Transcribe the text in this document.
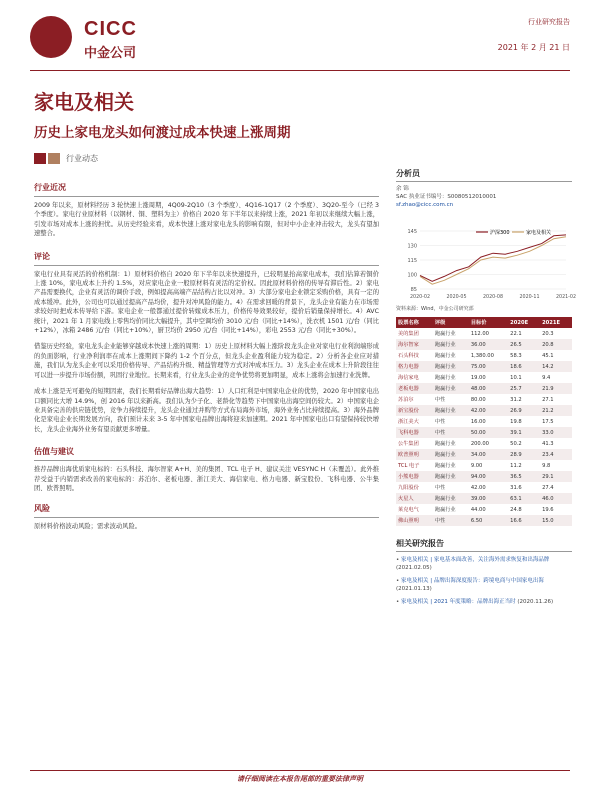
CICC
中金公司
行业研究报告
2021 年 2 月 21 日
家电及相关
历史上家电龙头如何渡过成本快速上涨周期
行业动态
行业近况
2009 年以来，原材料经历 3 轮快速上涨周期，4Q09-2Q10（3 个季度）、4Q16-1Q17（2 个季度）、3Q20-至今（已经 3 个季度）。家电行业原材料（以钢材、铜、塑料为主）价格自 2020 年下半年以来持续上涨，2021 年初以来继续大幅上涨，引发市场对成本上涨的担忧。从历史经验来看，成本快速上涨对家电龙头的影响有限，但对中小企业冲击较大，龙头有望加速整合。
评论
家电行业具有灵活的价格机制：1）原材料价格自 2020 年下半年以来快速提升，已较明显抬高家电成本，我们估算若铜价上涨 10%，家电成本上升约 1.5%，对应家电企业一般原材料有灵活的定价权。因此原材料价格的传导有滞后性。2）家电产品需要换代，企业有灵活的调价手段，例如提高高端产品结构占比以对冲。3）大部分家电企业锁定采购价格，具有一定的成本缓冲。此外，公司也可以通过提高产品均价，提升对冲风险的能力。4）在需求回暖的背景下，龙头企业有能力在市场需求较好时把成本传导给下游。家电企业一般都通过提价转嫁成本压力，价格传导效果较好，提价后销量保持增长。4）AVC 统计，2021 年 1 月家电线上零售均价同比大幅提升，其中空调均价 3010 元/台（同比+14%），洗衣机 1501 元/台（同比+12%），冰箱 2486 元/台（同比+10%），厨卫均价 2950 元/台（同比+14%），彩电 2553 元/台（同比+30%）。
借鉴历史经验，家电龙头企业能够穿越成本快速上涨的周期：1）历史上原材料大幅上涨阶段龙头企业对家电行业利润端形成的负面影响，行业净利润率在成本上涨期间下降约 1-2 个百分点，但龙头企业盈利能力较为稳定。2）分析各企业应对措施，我们认为龙头企业可以采用价格传导、产品结构升级、精益管理等方式对冲成本压力。3）龙头企业在成本上升阶段往往可以进一步提升市场份额，巩固行业地位。长期来看，行业龙头企业的竞争优势将更加明显，成本上涨将会加速行业洗牌。
成本上涨是无可避免的短期因素，我们长期看好品牌出海大趋势：1）人口红利是中国家电企业的优势，2020 年中国家电出口额同比大增 14.9%，创 2016 年以来新高。我们认为少子化、老龄化等趋势下中国家电出海空间仍较大。2）中国家电企业具备完善的供应链优势，竞争力持续提升，龙头企业通过并购等方式布局海外市场，海外业务占比持续提高。3）海外品牌化是家电企业长期发展方向，我们预计未来 3-5 年中国家电品牌出海将迎来加速期。2021 年中国家电出口有望保持较快增长，龙头企业海外业务有望贡献更多增量。
估值与建议
推荐品牌出海优质家电标的：石头科技、海尔智家 A+H、美的集团、TCL 电子 H、建议关注 VESYNC H（未覆盖）。此外推荐受益于内销需求改善的家电标的：苏泊尔、老板电器、浙江美大、海信家电、格力电器、新宝股份、飞科电器、公牛集团、欧普照明。
风险
原材料价格波动风险；需求波动风险。
分析员
余 锦
SAC 执业证书编号：S0080512010001
sf.zhao@cicc.com.cn
145
130
115
100
85
2020-02	2020-05	2020-08	2020-11	2021-02
沪深300	家电及相关
资料来源：Wind，中金公司研究部
股票名称	评级	目标价	2020E	2021E
美的集团	跑赢行业	112.00	22.1	20.3
海尔智家	跑赢行业	36.00	26.5	20.8
石头科技	跑赢行业	1,380.00	58.3	45.1
格力电器	跑赢行业	75.00	18.6	14.2
海信家电	跑赢行业	19.00	10.1	9.4
老板电器	跑赢行业	48.00	25.7	21.9
苏泊尔	中性	80.00	31.2	27.1
新宝股份	跑赢行业	42.00	26.9	21.2
浙江美大	中性	16.00	19.8	17.5
飞科电器	中性	50.00	39.1	33.0
公牛集团	跑赢行业	200.00	50.2	41.3
欧普照明	跑赢行业	34.00	28.9	23.4
TCL 电子	跑赢行业	9.00	11.2	9.8
小熊电器	跑赢行业	94.00	36.5	29.1
九阳股份	中性	42.00	31.6	27.4
火星人	跑赢行业	39.00	63.1	46.0
莱克电气	跑赢行业	44.00	24.8	19.6
佛山照明	中性	6.50	16.6	15.0
相关研究报告
• 家电及相关 | 家电基本面改善，关注海外需求恢复和出海品牌 (2021.02.05)
• 家电及相关 | 品牌出海深度报告：跨境电商与中国家电出海 (2021.01.13)
• 家电及相关 | 2021 年度策略：品牌出海正当时 (2020.11.26)
请仔细阅读在本报告尾部的重要法律声明
